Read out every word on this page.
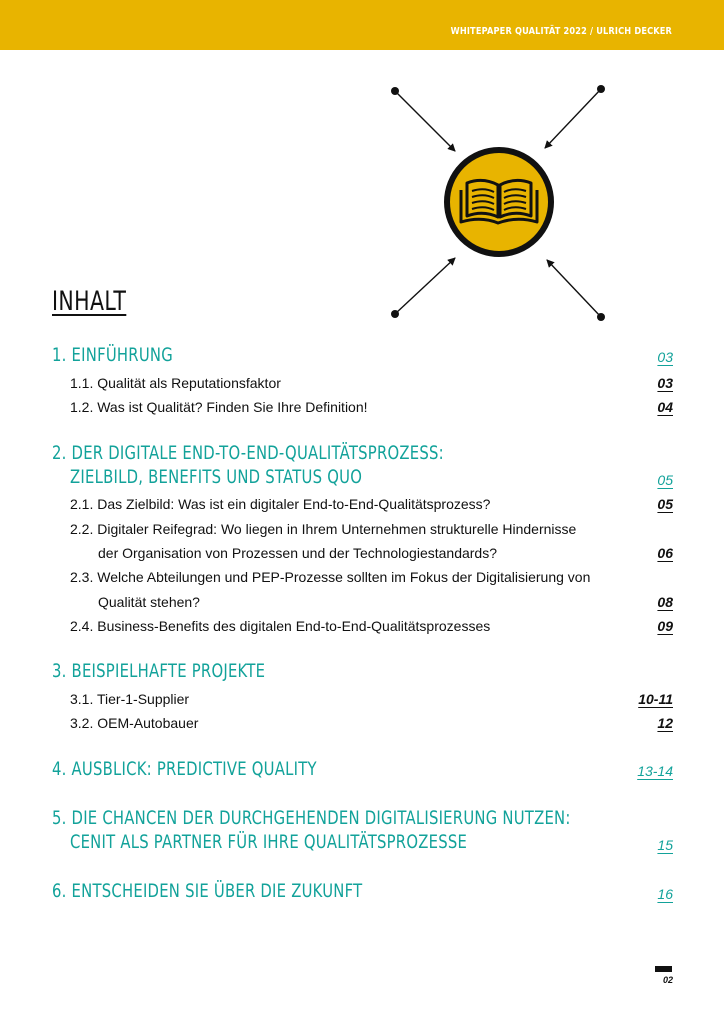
WHITEPAPER QUALITÄT 2022 / ULRICH DECKER
INHALT
1. EINFÜHRUNG	03
1.1. Qualität als Reputationsfaktor	03
1.2. Was ist Qualität? Finden Sie Ihre Definition!	04
2. DER DIGITALE END-TO-END-QUALITÄTSPROZESS:
ZIELBILD, BENEFITS UND STATUS QUO	05
2.1. Das Zielbild: Was ist ein digitaler End-to-End-Qualitätsprozess?	05
2.2. Digitaler Reifegrad: Wo liegen in Ihrem Unternehmen strukturelle Hindernisse
der Organisation von Prozessen und der Technologiestandards?	06
2.3. Welche Abteilungen und PEP-Prozesse sollten im Fokus der Digitalisierung von
Qualität stehen?	08
2.4. Business-Benefits des digitalen End-to-End-Qualitätsprozesses	09
3. BEISPIELHAFTE PROJEKTE
3.1. Tier-1-Supplier	10-11
3.2. OEM-Autobauer	12
4. AUSBLICK: PREDICTIVE QUALITY	13-14
5. DIE CHANCEN DER DURCHGEHENDEN DIGITALISIERUNG NUTZEN:
CENIT ALS PARTNER FÜR IHRE QUALITÄTSPROZESSE	15
6. ENTSCHEIDEN SIE ÜBER DIE ZUKUNFT	16
02
